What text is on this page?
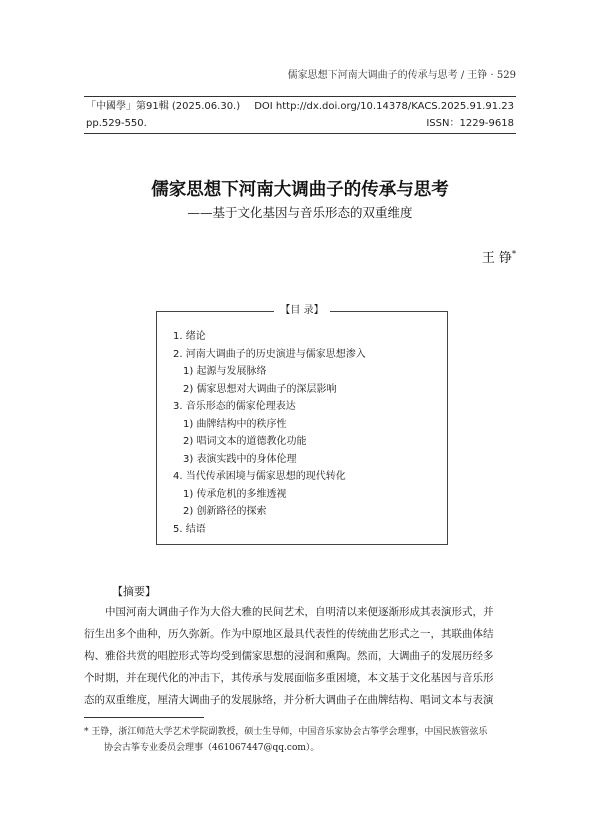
儒家思想下河南大调曲子的传承与思考 / 王铮 · 529
「中國學」第91輯 (2025.06.30.)
pp.529-550.
DOI http://dx.doi.org/10.14378/KACS.2025.91.91.23
ISSN：1229-9618
儒家思想下河南大调曲子的传承与思考
——基于文化基因与音乐形态的双重维度
王 铮*
【目 录】
1. 绪论
2. 河南大调曲子的历史演进与儒家思想渗入
1) 起源与发展脉络
2) 儒家思想对大调曲子的深层影响
3. 音乐形态的儒家伦理表达
1) 曲牌结构中的秩序性
2) 唱词文本的道德教化功能
3) 表演实践中的身体伦理
4. 当代传承困境与儒家思想的现代转化
1) 传承危机的多维透视
2) 创新路径的探索
5. 结语
【摘要】
中国河南大调曲子作为大俗大雅的民间艺术，自明清以来便逐渐形成其表演形式，并
衍生出多个曲种，历久弥新。作为中原地区最具代表性的传统曲艺形式之一，其联曲体结
构、雅俗共赏的唱腔形式等均受到儒家思想的浸润和熏陶。然而，大调曲子的发展历经多
个时期，并在现代化的冲击下，其传承与发展面临多重困境，本文基于文化基因与音乐形
态的双重维度，厘清大调曲子的发展脉络，并分析大调曲子在曲牌结构、唱词文本与表演
* 王铮，浙江师范大学艺术学院副教授，硕士生导师，中国音乐家协会古筝学会理事，中国民族管弦乐
协会古筝专业委员会理事（461067447@qq.com）。
